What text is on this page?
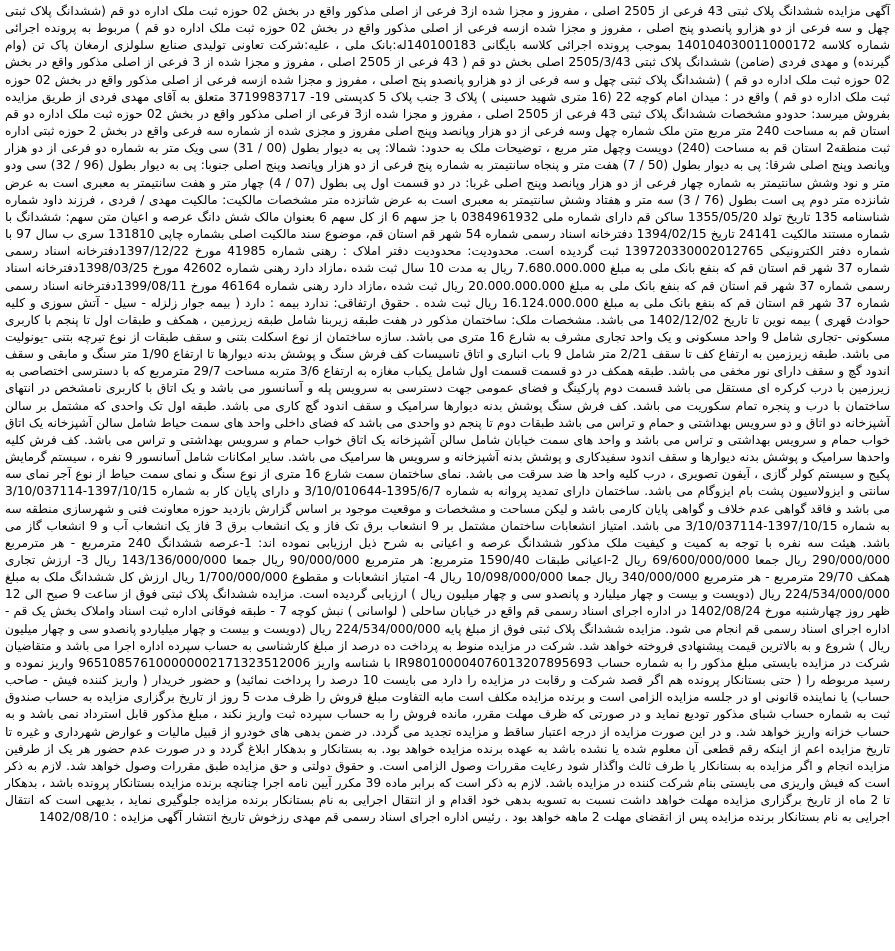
آگهی مزایده ششدانگ پلاک ثبتی 43 فرعی از 2505 اصلی ، مفروز و مجزا شده از3 فرعی از اصلی مذکور واقع در بخش 02 حوزه ثبت ملک اداره دو قم (ششدانگ پلاک ثبتی چهل و سه فرعی از دو هزارو پانصدو پنج اصلی ، مفروز و مجزا شده ازسه فرعی از اصلی مذکور واقع در بخش 02 حوزه ثبت ملک اداره دو قم ) مربوط به پرونده اجرائی شماره کلاسه 140104030011000172 بموجب پرونده اجرائی کلاسه بایگانی 140100183له:بانک ملی ، علیه:شرکت تعاونی تولیدی صنایع سلولزی ارمغان پاک تن (وام گیرنده) و مهدی فردی (ضامن) ششدانگ پلاک ثبتی 2505/3/43 اصلی بخش دو قم ( 43 فرعی از 2505 اصلی ، مفروز و مجزا شده از 3 فرعی از اصلی مذکور واقع در بخش 02 حوزه ثبت ملک اداره دو قم ) (ششدانگ پلاک ثبتی چهل و سه فرعی از دو هزارو پانصدو پنج اصلی ، مفروز و مجزا شده ازسه فرعی از اصلی مذکور واقع در بخش 02 حوزه ثبت ملک اداره دو قم ) واقع در : میدان امام کوچه 22 (16 متری شهید حسینی ) پلاک 3 جنب پلاک 5 کدپستی 19- 3719983717 متعلق به آقای مهدی فردی از طریق مزایده بفروش میرسد: حدودو مشخصات ششدانگ پلاک ثبتی 43 فرعی از 2505 اصلی ، مفروز و مجزا شده از3 فرعی از اصلی مذکور واقع در بخش 02 حوزه ثبت ملک اداره دو قم استان قم به مساحت 240 متر مربع متن ملک شماره چهل وسه فرعی از دو هزار وپانصد وپنج اصلی مفروز و مجزی شده از شماره سه فرعی واقع در بخش 2 حوزه ثبتی اداره ثبت منطقه2 استان قم به مساحت (240) دویست وچهل متر مربع ، توضیحات ملک به حدود: شمالا: پی به دیوار بطول (00 / 31) سی ویک متر به شماره دو فرعی از دو هزار وپانصد وپنج اصلی شرقا: پی به دیوار بطول (50 / 7) هفت متر و پنجاه سانتیمتر به شماره پنج فرعی از دو هزار وپانصد وپنج اصلی جنوبا: پی به دیوار بطول (96 / 32) سی ودو متر و نود وشش سانتیمتر به شماره چهار فرعی از دو هزار وپانصد وپنج اصلی غربا: در دو قسمت اول پی بطول (07 / 4) چهار متر و هفت سانتیمتر به معبری است به عرض شانزده متر دوم پی است بطول (76 / 3) سه متر و هفتاد وشش سانتیمتر به معبری است به عرض شانزده متر مشخصات مالکیت: مالکیت مهدی / فردی ، فرزند داود شماره شناسنامه 135 تاریخ تولد 1355/05/20 ساکن قم دارای شماره ملی 0384961932 با جز سهم 6 از کل سهم 6 بعنوان مالک شش دانگ عرصه و اعیان متن سهم: ششدانگ با شماره مستند مالکیت 24141 تاریخ 1394/02/15 دفترخانه اسناد رسمی شماره 54 شهر قم استان قم، موضوع سند مالکیت اصلی بشماره چاپی 131810 سری ب سال 97 با شماره دفتر الکترونیکی 139720330002012765 ثبت گردیده است. محدودیت: محدودیت دفتر املاک : رهنی شماره 41985 مورخ 1397/12/22دفترخانه اسناد رسمی شماره 37 شهر قم استان قم که بنفع بانک ملی به مبلغ 7.680.000.000 ریال به مدت 10 سال ثبت شده ،مازاد دارد رهنی شماره 42602 مورخ 1398/03/25دفترخانه اسناد رسمی شماره 37 شهر قم استان قم که بنفع بانک ملی به مبلغ 20.000.000.000 ریال ثبت شده ،مازاد دارد رهنی شماره 46164 مورخ 1399/08/11دفترخانه اسناد رسمی شماره 37 شهر قم استان قم که بنفع بانک ملی به مبلغ 16.124.000.000 ریال ثبت شده . حقوق ارتفاقی: ندارد بیمه : دارد ( بیمه جوار زلزله - سیل - آتش سوزی و کلیه حوادث قهری ) بیمه نوین تا تاریخ 1402/12/02 می باشد. مشخصات ملک: ساختمان مذکور در هفت طبقه زیربنا شامل طبقه زیرزمین ، همکف و طبقات اول تا پنجم با کاربری مسکونی -تجاری شامل 9 واحد مسکونی و یک واحد تجاری مشرف به شارع 16 متری می باشد. سازه ساختمان از نوع اسکلت بتنی و سقف طبقات از نوع تیرچه بتنی -یونولیت می باشد. طبقه زیرزمین به ارتفاع کف تا سقف 2/21 متر شامل 9 باب انباری و اتاق تاسیسات کف فرش سنگ و پوشش بدنه دیوارها تا ارتفاع 1/90 متر سنگ و مابقی و سقف اندود گچ و سقف دارای نور مخفی می باشد. طبقه همکف در دو قسمت قسمت اول شامل یکباب مغازه به ارتفاع 3/6 متربه مساحت 29/7 مترمربع که با دسترسی اختصاصی به زیرزمین با درب کرکره ای مستقل می باشد قسمت دوم پارکینگ و فضای عمومی جهت دسترسی به سرویس پله و آسانسور می باشد و یک اتاق با کاربری نامشخص در انتهای ساختمان با درب و پنجره تمام سکوریت می باشد. کف فرش سنگ پوشش بدنه دیوارها سرامیک و سقف اندود گچ کاری می باشد. طبقه اول تک واحدی که مشتمل بر سالن آشپزخانه دو اتاق و دو سرویس بهداشتی و حمام و تراس می باشد طبقات دوم تا پنجم دو واحدی می باشد که فضای داخلی واحد های سمت حیاط شامل سالن آشپزخانه یک اتاق خواب حمام و سرویس بهداشتی و تراس می باشد و واحد های سمت خیابان شامل سالن آشپزخانه یک اتاق خواب حمام و سرویس بهداشتی و تراس می باشد. کف فرش کلیه واحدها سرامیک و پوشش بدنه دیوارها و سقف اندود سفیدکاری و پوشش بدنه آشپزخانه و سرویس ها سرامیک می باشد. سایر امکانات شامل آسانسور 9 نفره ، سیستم گرمایش پکیج و سیستم کولر گازی ، آیفون تصویری ، درب کلیه واحد ها ضد سرقت می باشد. نمای ساختمان سمت شارع 16 متری از نوع سنگ و نمای سمت حیاط از نوع آجر نمای سه سانتی و ایزولاسیون پشت بام ایزوگام می باشد. ساختمان دارای تمدید پروانه به شماره 1395/6/7-3/10/010644 و دارای پایان کار به شماره 1397/10/15-3/10/037114 می باشد و فاقد گواهی عدم خلاف و گواهی پایان کارمی باشد و لیکن مساحت و مشخصات و موقعیت موجود بر اساس گزارش بازدید حوزه معاونت فنی و شهرسازی منطقه سه به شماره 1397/10/15-3/10/037114 می باشد. امتیاز انشعابات ساختمان مشتمل بر 9 انشعاب برق تک فاز و یک انشعاب برق 3 فاز یک انشعاب آب و 9 انشعاب گاز می باشد. هیئت سه نفره با توجه به کمیت و کیفیت ملک مذکور ششدانگ عرصه و اعیانی به شرح ذیل ارزیابی نموده اند: 1-عرصه ششدانگ 240 مترمربع - هر مترمربع 290/000/000 ریال جمعا 69/600/000/000 ریال 2-اعیانی طبقات 1590/40 مترمربع: هر مترمربع 90/000/000 ریال جمعا 143/136/000/000 ریال 3- ارزش تجاری همکف 29/70 مترمربع - هر مترمربع 340/000/000 ریال جمعا 10/098/000/000 ریال 4- امتیاز انشعابات و مقطوع 1/700/000/000 ریال ارزش کل ششدانگ ملک به مبلغ 224/534/000/000 ریال (دویست و بیست و چهار میلیارد و پانصدو سی و چهار میلیون ریال ) ارزیابی گردیده است. مزایده ششدانگ پلاک ثبتی فوق از ساعت 9 صبح الی 12 ظهر روز چهارشنبه مورخ 1402/08/24 در اداره اجرای اسناد رسمی قم واقع در خیابان ساحلی ( لواسانی ) نبش کوچه 7 - طبقه فوقانی اداره ثبت اسناد واملاک بخش یک قم - اداره اجرای اسناد رسمی قم انجام می شود. مزایده ششدانگ پلاک ثبتی فوق از مبلغ پایه 224/534/000/000 ریال (دویست و بیست و چهار میلیاردو پانصدو سی و چهار میلیون ریال ) شروع و به بالاترین قیمت پیشنهادی فروخته خواهد شد. شرکت در مزایده منوط به پرداخت ده درصد از مبلغ کارشناسی به حساب سپرده اداره اجرا می باشد و متقاضیان شرکت در مزایده بایستی مبلغ مذکور را به شماره حساب IR980100004076013207895693 با شناسه واریز 965108576100000002171323512006 واریز نموده و رسید مربوطه را ( حتی بستانکار پرونده هم اگر قصد شرکت و رقابت در مزایده را دارد می بایست 10 درصد را پرداخت نمائید) و حضور خریدار ( واریز کننده فیش - صاحب حساب) یا نماینده قانونی او در جلسه مزایده الزامی است و برنده مزایده مکلف است مابه التفاوت مبلغ فروش را ظرف مدت 5 روز از تاریخ برگزاری مزایده به حساب صندوق ثبت به شماره حساب شبای مذکور تودیع نماید و در صورتی که ظرف مهلت مقرر، مانده فروش را به حساب سپرده ثبت واریز نکند ، مبلغ مذکور قابل استرداد نمی باشد و به حساب خزانه واریز خواهد شد. و در این صورت مزایده از درجه اعتبار ساقط و مزایده تجدید می گردد. در ضمن بدهی های خودرو از قبیل مالیات و عوارض شهرداری و غیره تا تاریخ مزایده اعم از اینکه رقم قطعی آن معلوم شده یا نشده باشد به عهده برنده مزایده خواهد بود. به بستانکار و بدهکار ابلاغ گردد و در صورت عدم حضور هر یک از طرفین مزایده انجام و اگر مزایده به بستانکار یا طرف ثالث واگذار شود رعایت مقررات وصول الزامی است. و حقوق دولتی و حق مزایده طبق مقررات وصول خواهد شد. لازم به ذکر است که فیش واریزی می بایستی بنام شرکت کننده در مزایده باشد. لازم به ذکر است که برابر ماده 39 مکرر آیین نامه اجرا چنانچه برنده مزایده بستانکار پرونده باشد ، بدهکار تا 2 ماه از تاریخ برگزاری مزایده مهلت خواهد داشت نسبت به تسویه بدهی خود اقدام و از انتقال اجرایی به نام بستانکار برنده مزایده جلوگیری نماید ، بدیهی است که انتقال اجرایی به نام بستانکار برنده مزایده پس از انقضای مهلت 2 ماهه خواهد بود . رئیس اداره اجرای اسناد رسمی قم مهدی رزخوش تاریخ انتشار آگهی مزایده : 1402/08/10
